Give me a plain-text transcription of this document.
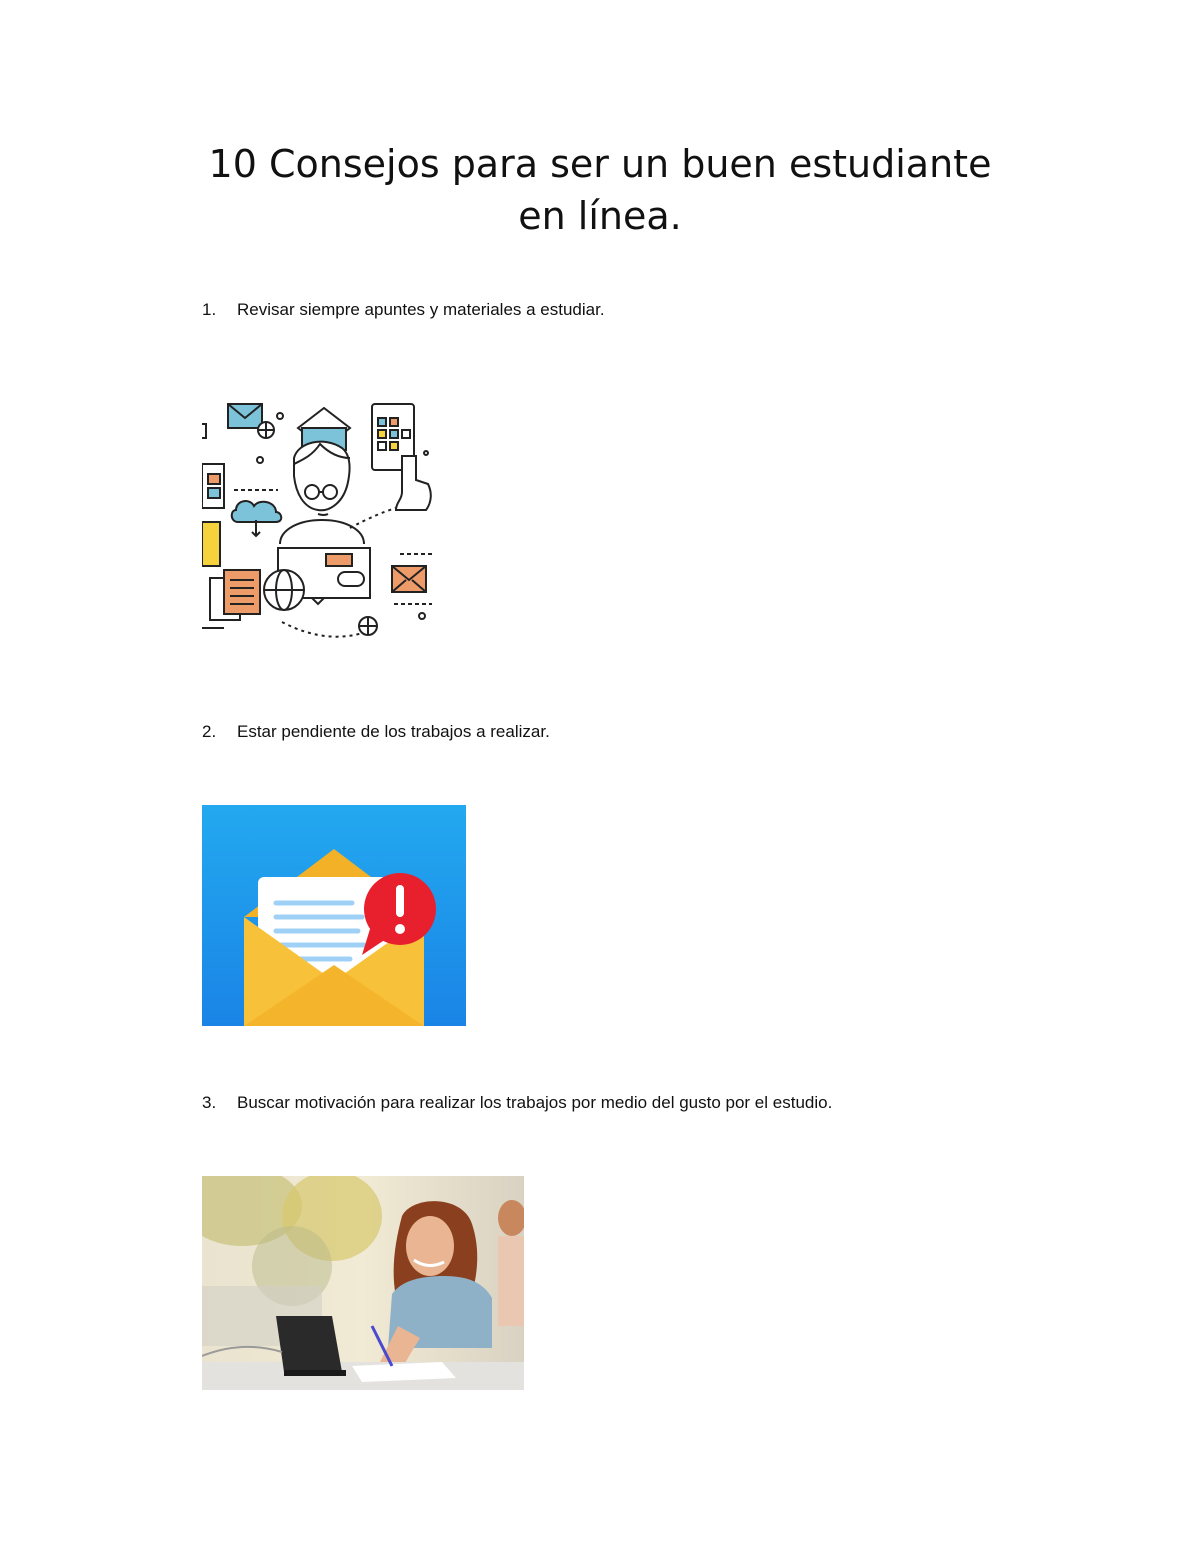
10 Consejos para ser un buen estudiante
en línea.
1. Revisar siempre apuntes y materiales a estudiar.
2. Estar pendiente de los trabajos a realizar.
3. Buscar motivación para realizar los trabajos por medio del gusto por el estudio.
